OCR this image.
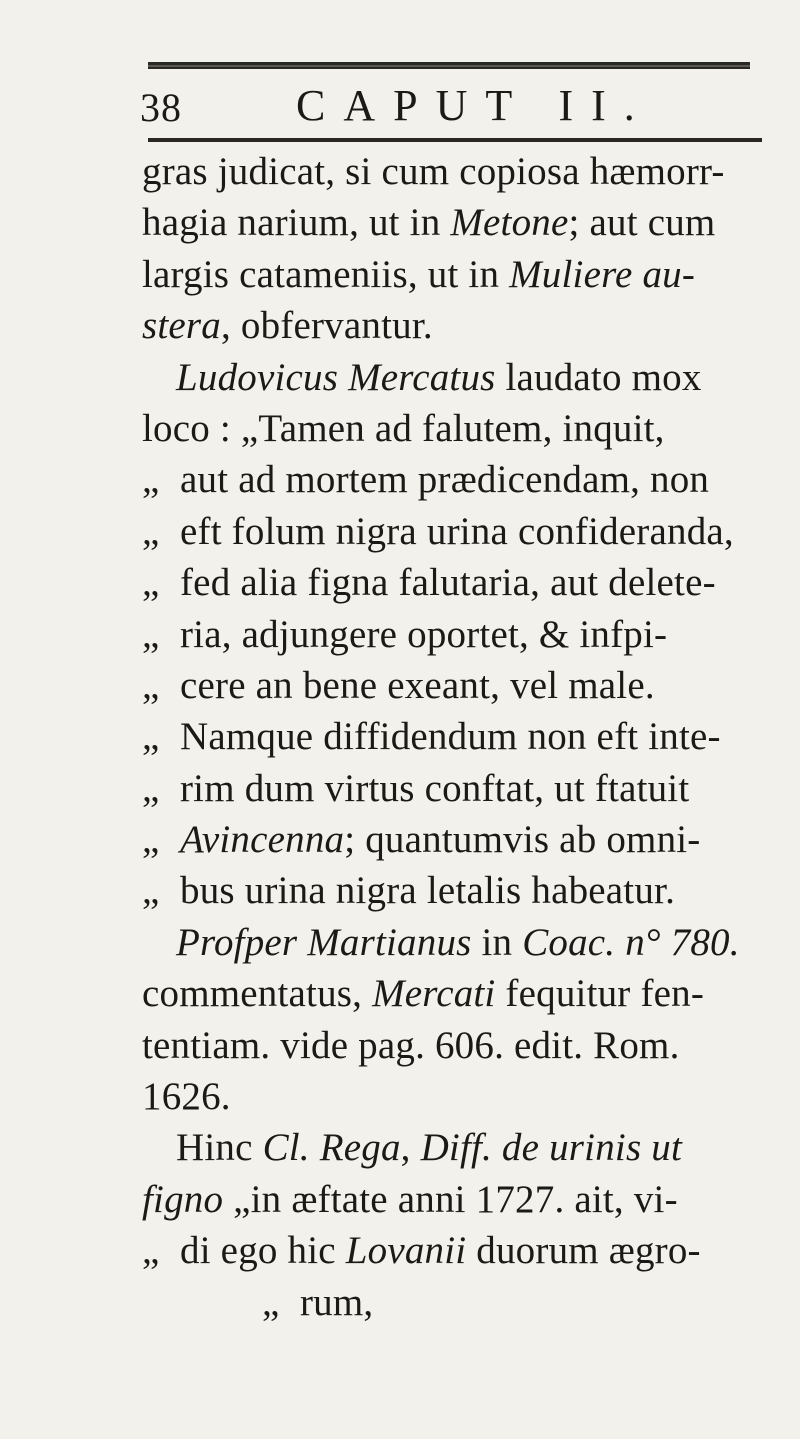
38	CAPUT II.
gras judicat, si cum copiosa hæmorr-
hagia narium, ut in Metone; aut cum
largis catameniis, ut in Muliere au-
stera, obfervantur.
Ludovicus Mercatus laudato mox
loco : „Tamen ad falutem, inquit,
„ aut ad mortem prædicendam, non
„ eft folum nigra urina confideranda,
„ fed alia figna falutaria, aut delete-
„ ria, adjungere oportet, & infpi-
„ cere an bene exeant, vel male.
„ Namque diffidendum non eft inte-
„ rim dum virtus conftat, ut ftatuit
„ Avincenna; quantumvis ab omni-
„ bus urina nigra letalis habeatur.
Profper Martianus in Coac. n° 780.
commentatus, Mercati fequitur fen-
tentiam. vide pag. 606. edit. Rom.
1626.
Hinc Cl. Rega, Diff. de urinis ut
figno „in æftate anni 1727. ait, vi-
„ di ego hic Lovanii duorum ægro-
„ rum,
